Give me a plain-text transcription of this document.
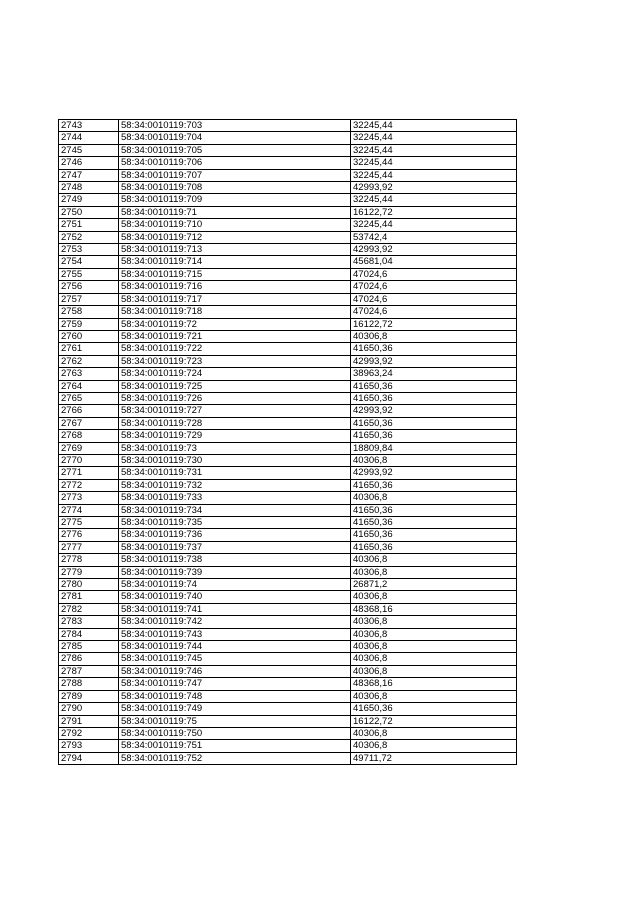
2743	58:34:0010119:703	32245,44
2744	58:34:0010119:704	32245,44
2745	58:34:0010119:705	32245,44
2746	58:34:0010119:706	32245,44
2747	58:34:0010119:707	32245,44
2748	58:34:0010119:708	42993,92
2749	58:34:0010119:709	32245,44
2750	58:34:0010119:71	16122,72
2751	58:34:0010119:710	32245,44
2752	58:34:0010119:712	53742,4
2753	58:34:0010119:713	42993,92
2754	58:34:0010119:714	45681,04
2755	58:34:0010119:715	47024,6
2756	58:34:0010119:716	47024,6
2757	58:34:0010119:717	47024,6
2758	58:34:0010119:718	47024,6
2759	58:34:0010119:72	16122,72
2760	58:34:0010119:721	40306,8
2761	58:34:0010119:722	41650,36
2762	58:34:0010119:723	42993,92
2763	58:34:0010119:724	38963,24
2764	58:34:0010119:725	41650,36
2765	58:34:0010119:726	41650,36
2766	58:34:0010119:727	42993,92
2767	58:34:0010119:728	41650,36
2768	58:34:0010119:729	41650,36
2769	58:34:0010119:73	18809,84
2770	58:34:0010119:730	40306,8
2771	58:34:0010119:731	42993,92
2772	58:34:0010119:732	41650,36
2773	58:34:0010119:733	40306,8
2774	58:34:0010119:734	41650,36
2775	58:34:0010119:735	41650,36
2776	58:34:0010119:736	41650,36
2777	58:34:0010119:737	41650,36
2778	58:34:0010119:738	40306,8
2779	58:34:0010119:739	40306,8
2780	58:34:0010119:74	26871,2
2781	58:34:0010119:740	40306,8
2782	58:34:0010119:741	48368,16
2783	58:34:0010119:742	40306,8
2784	58:34:0010119:743	40306,8
2785	58:34:0010119:744	40306,8
2786	58:34:0010119:745	40306,8
2787	58:34:0010119:746	40306,8
2788	58:34:0010119:747	48368,16
2789	58:34:0010119:748	40306,8
2790	58:34:0010119:749	41650,36
2791	58:34:0010119:75	16122,72
2792	58:34:0010119:750	40306,8
2793	58:34:0010119:751	40306,8
2794	58:34:0010119:752	49711,72
